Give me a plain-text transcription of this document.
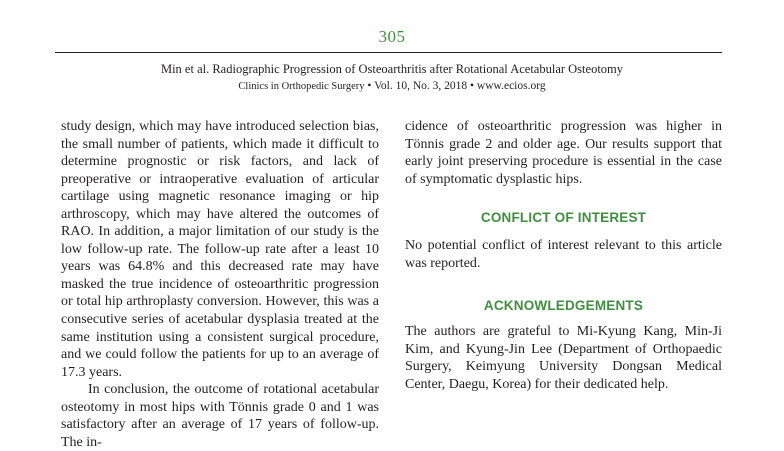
305
Min et al. Radiographic Progression of Osteoarthritis after Rotational Acetabular Osteotomy
Clinics in Orthopedic Surgery • Vol. 10, No. 3, 2018 • www.ecios.org

study design, which may have introduced selection bias, the small number of patients, which made it difficult to determine prognostic or risk factors, and lack of preoperative or intraoperative evaluation of articular cartilage using magnetic resonance imaging or hip arthroscopy, which may have altered the outcomes of RAO. In addition, a major limitation of our study is the low follow-up rate. The follow-up rate after a least 10 years was 64.8% and this decreased rate may have masked the true incidence of osteoarthritic progression or total hip arthroplasty conversion. However, this was a consecutive series of acetabular dysplasia treated at the same institution using a consistent surgical procedure, and we could follow the patients for up to an average of 17.3 years.

In conclusion, the outcome of rotational acetabular osteotomy in most hips with Tönnis grade 0 and 1 was satisfactory after an average of 17 years of follow-up. The in-

cidence of osteoarthritic progression was higher in Tönnis grade 2 and older age. Our results support that early joint preserving procedure is essential in the case of symptomatic dysplastic hips.

CONFLICT OF INTEREST

No potential conflict of interest relevant to this article was reported.

ACKNOWLEDGEMENTS

The authors are grateful to Mi-Kyung Kang, Min-Ji Kim, and Kyung-Jin Lee (Department of Orthopaedic Surgery, Keimyung University Dongsan Medical Center, Daegu, Korea) for their dedicated help.
